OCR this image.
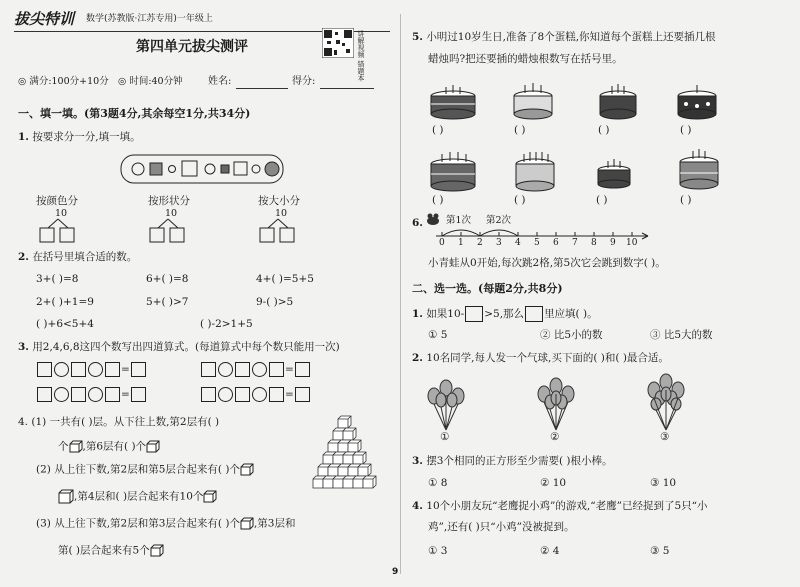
拔尖特训 数学(苏教版·江苏专用)一年级上
第四单元拔尖测评	讲解视频 错题本
◎ 满分:100分+10分 ◎ 时间:40分钟	姓名:	得分:
一、填一填。(第3题4分,其余每空1分,共34分)
1. 按要求分一分,填一填。
按颜色分	按形状分	按大小分
10	10	10
2. 在括号里填合适的数。
3+( )=8	6+( )=8	4+( )=5+5
2+( )+1=9	5+( )>7	9-( )>5
( )+6<5+4	( )-2>1+5
3. 用2,4,6,8这四个数写出四道算式。(每道算式中每个数只能用一次)
=	=
=	=
4. (1) 一共有( )层。从下往上数,第2层有( )
个 ,第6层有( )个
(2) 从上往下数,第2层和第5层合起来有( )个
,第4层和( )层合起来有10个
(3) 从上往下数,第2层和第3层合起来有( )个 ,第3层和
第( )层合起来有5个
5. 小明过10岁生日,准备了8个蛋糕,你知道每个蛋糕上还要插几根
蜡烛吗?把还要插的蜡烛根数写在括号里。
( )	( )	( )	( )
( )	( )	( )	( )
6. 第1次 第2次
0 1 2 3 4 5 6 7 8 9 10
小青蛙从0开始,每次跳2格,第5次它会跳到数字( )。
二、选一选。(每题2分,共8分)
1. 如果10- >5,那么 里应填( )。
① 5	② 比5小的数	③ 比5大的数
2. 10名同学,每人发一个气球,买下面的( )和( )最合适。
①	②	③
3. 摆3个相同的正方形至少需要( )根小棒。
① 8	② 10	③ 10
4. 10个小朋友玩“老鹰捉小鸡”的游戏,“老鹰”已经捉到了5只“小
鸡”,还有( )只“小鸡”没被捉到。
① 3	② 4	③ 5
9
